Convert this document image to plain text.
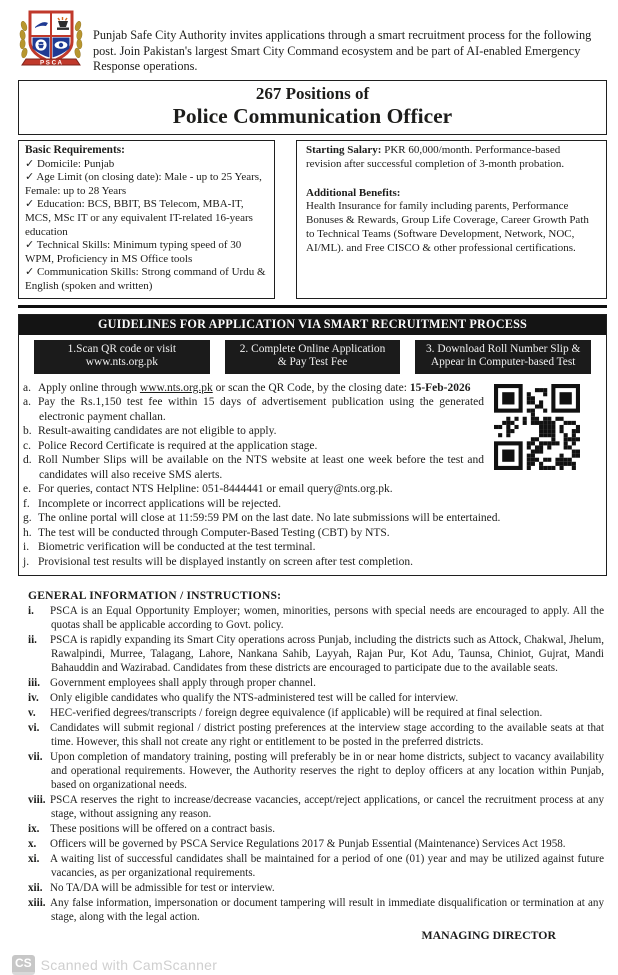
P S C A
Punjab Safe City Authority invites applications through a smart recruitment process for the following post. Join Pakistan's largest Smart City Command ecosystem and be part of AI-enabled Emergency Response operations.
267 Positions of
Police Communication Officer
Basic Requirements:
✓ Domicile: Punjab
✓ Age Limit (on closing date): Male - up to 25 Years, Female: up to 28 Years
✓ Education: BCS, BBIT, BS Telecom, MBA-IT, MCS, MSc IT or any equivalent IT-related 16-years education
✓ Technical Skills: Minimum typing speed of 30 WPM, Proficiency in MS Office tools
✓ Communication Skills: Strong command of Urdu & English (spoken and written)
Starting Salary: PKR 60,000/month. Performance-based revision after successful completion of 3-month probation.
Additional Benefits:
Health Insurance for family including parents, Performance Bonuses & Rewards, Group Life Coverage, Career Growth Path to Technical Teams (Software Development, Network, NOC, AI/ML). and Free CISCO & other professional certifications.
GUIDELINES FOR APPLICATION VIA SMART RECRUITMENT PROCESS
1.Scan QR code or visit
www.nts.org.pk
2. Complete Online Application
& Pay Test Fee
3. Download Roll Number Slip &
Appear in Computer-based Test
a. Apply online through www.nts.org.pk or scan the QR Code, by the closing date: 15-Feb-2026
a. Pay the Rs.1,150 test fee within 15 days of advertisement publication using the generated electronic payment challan.
b. Result-awaiting candidates are not eligible to apply.
c. Police Record Certificate is required at the application stage.
d. Roll Number Slips will be available on the NTS website at least one week before the test and candidates will also receive SMS alerts.
e. For queries, contact NTS Helpline: 051-8444441 or email query@nts.org.pk.
f. Incomplete or incorrect applications will be rejected.
g. The online portal will close at 11:59:59 PM on the last date. No late submissions will be entertained.
h. The test will be conducted through Computer-Based Testing (CBT) by NTS.
i. Biometric verification will be conducted at the test terminal.
j. Provisional test results will be displayed instantly on screen after test completion.
GENERAL INFORMATION / INSTRUCTIONS:
i. PSCA is an Equal Opportunity Employer; women, minorities, persons with special needs are encouraged to apply. All the quotas shall be applicable according to Govt. policy.
ii. PSCA is rapidly expanding its Smart City operations across Punjab, including the districts such as Attock, Chakwal, Jhelum, Rawalpindi, Murree, Talagang, Lahore, Nankana Sahib, Layyah, Rajan Pur, Kot Adu, Taunsa, Chiniot, Gujrat, Mandi Bahauddin and Wazirabad. Candidates from these districts are encouraged to participate due to the available seats.
iii. Government employees shall apply through proper channel.
iv. Only eligible candidates who qualify the NTS-administered test will be called for interview.
v. HEC-verified degrees/transcripts / foreign degree equivalence (if applicable) will be required at final selection.
vi. Candidates will submit regional / district posting preferences at the interview stage according to the available seats at that time. However, this shall not create any right or entitlement to be posted in the preferred districts.
vii. Upon completion of mandatory training, posting will preferably be in or near home districts, subject to vacancy availability and operational requirements. However, the Authority reserves the right to deploy officers at any location within Punjab, based on organizational needs.
viii. PSCA reserves the right to increase/decrease vacancies, accept/reject applications, or cancel the recruitment process at any stage, without assigning any reason.
ix. These positions will be offered on a contract basis.
x. Officers will be governed by PSCA Service Regulations 2017 & Punjab Essential (Maintenance) Services Act 1958.
xi. A waiting list of successful candidates shall be maintained for a period of one (01) year and may be utilized against future vacancies, as per organizational requirements.
xii. No TA/DA will be admissible for test or interview.
xiii. Any false information, impersonation or document tampering will result in immediate disqualification or termination at any stage, along with the legal action.
MANAGING DIRECTOR
CS Scanned with CamScanner
